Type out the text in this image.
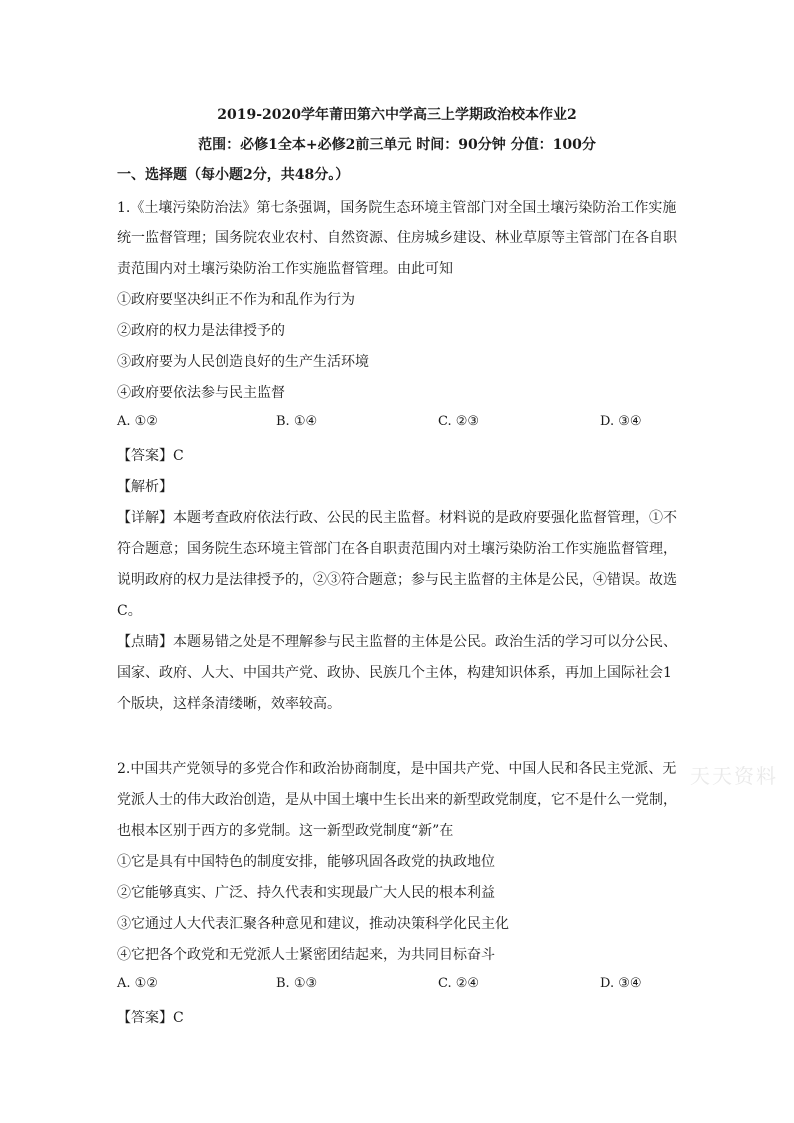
2019-2020学年莆田第六中学高三上学期政治校本作业2
范围：必修1全本+必修2前三单元 时间：90分钟 分值：100分
一、选择题（每小题2分，共48分。）
1.《土壤污染防治法》第七条强调，国务院生态环境主管部门对全国土壤污染防治工作实施
统一监督管理；国务院农业农村、自然资源、住房城乡建设、林业草原等主管部门在各自职
责范围内对土壤污染防治工作实施监督管理。由此可知
①政府要坚决纠正不作为和乱作为行为
②政府的权力是法律授予的
③政府要为人民创造良好的生产生活环境
④政府要依法参与民主监督
A. ①②	B. ①④	C. ②③	D. ③④
【答案】C
【解析】
【详解】本题考查政府依法行政、公民的民主监督。材料说的是政府要强化监督管理，①不
符合题意；国务院生态环境主管部门在各自职责范围内对土壤污染防治工作实施监督管理，
说明政府的权力是法律授予的，②③符合题意；参与民主监督的主体是公民，④错误。故选
C。
【点睛】本题易错之处是不理解参与民主监督的主体是公民。政治生活的学习可以分公民、
国家、政府、人大、中国共产党、政协、民族几个主体，构建知识体系，再加上国际社会1
个版块，这样条清缕晰，效率较高。
2.中国共产党领导的多党合作和政治协商制度，是中国共产党、中国人民和各民主党派、无
党派人士的伟大政治创造，是从中国土壤中生长出来的新型政党制度，它不是什么一党制，
也根本区别于西方的多党制。这一新型政党制度“新”在
①它是具有中国特色的制度安排，能够巩固各政党的执政地位
②它能够真实、广泛、持久代表和实现最广大人民的根本利益
③它通过人大代表汇聚各种意见和建议，推动决策科学化民主化
④它把各个政党和无党派人士紧密团结起来，为共同目标奋斗
A. ①②	B. ①③	C. ②④	D. ③④
【答案】C
天天资料
